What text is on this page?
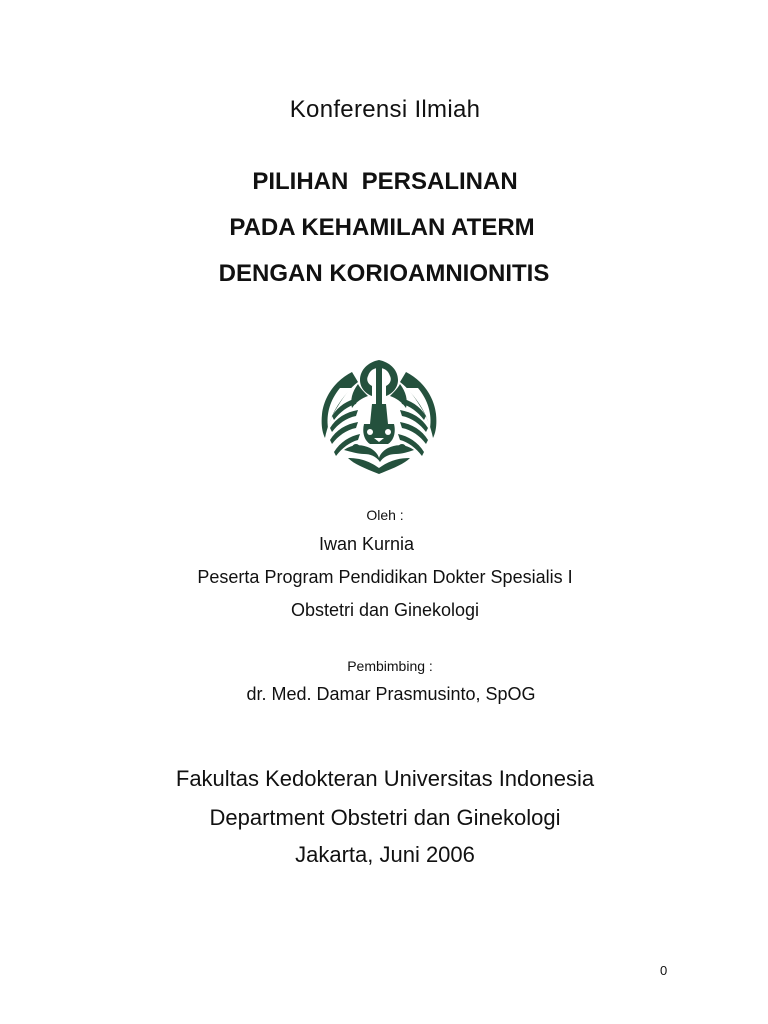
Konferensi Ilmiah
PILIHAN  PERSALINAN
PADA KEHAMILAN ATERM
DENGAN KORIOAMNIONITIS
Oleh :
Iwan Kurnia
Peserta Program Pendidikan Dokter Spesialis I
Obstetri dan Ginekologi
Pembimbing :
dr. Med. Damar Prasmusinto, SpOG
Fakultas Kedokteran Universitas Indonesia
Department Obstetri dan Ginekologi
Jakarta, Juni 2006
0
